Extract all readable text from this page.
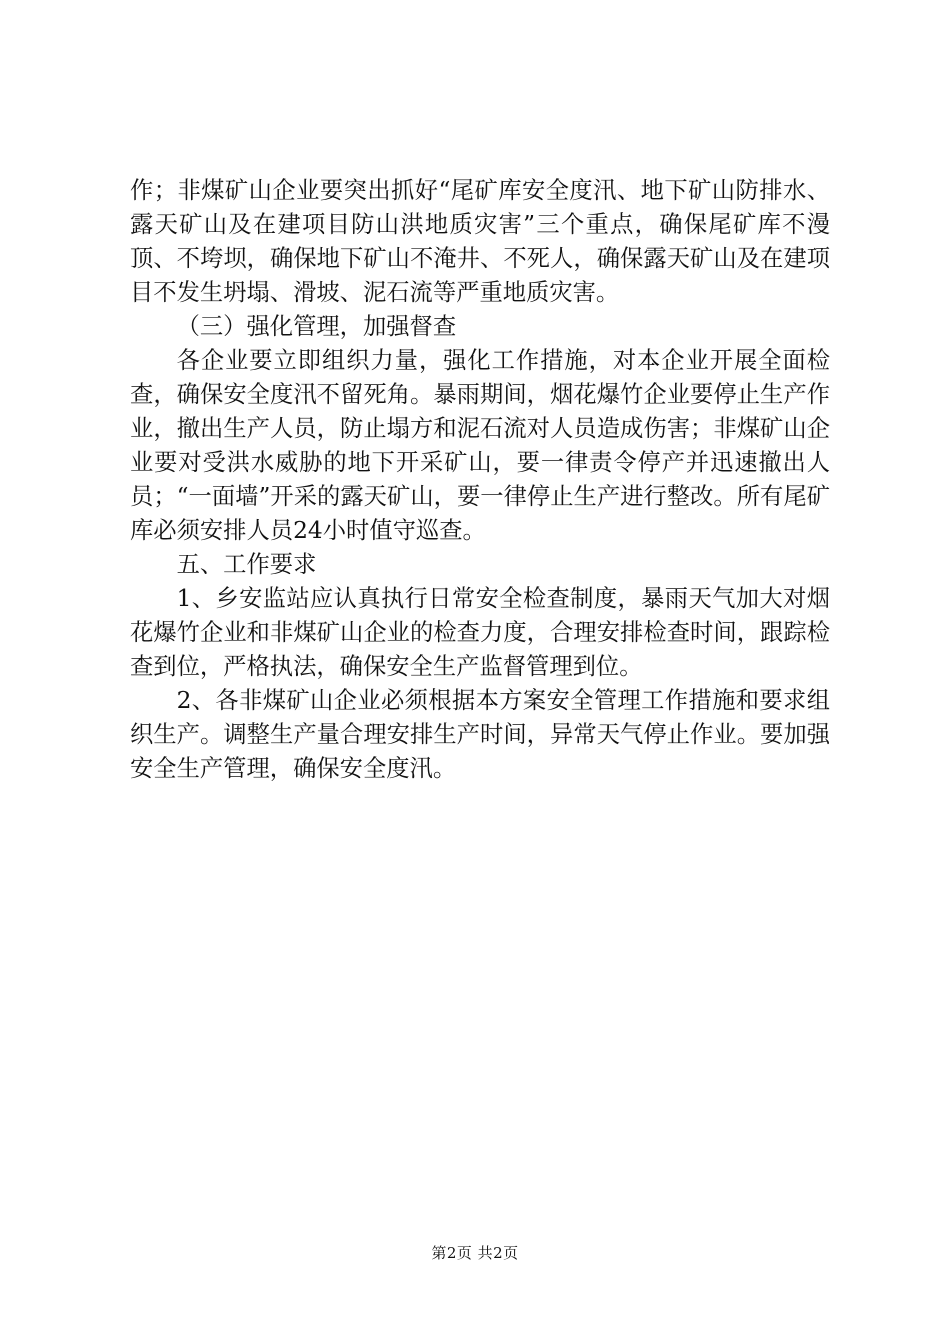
作；非煤矿山企业要突出抓好“尾矿库安全度汛、地下矿山防排水、露天矿山及在建项目防山洪地质灾害”三个重点，确保尾矿库不漫顶、不垮坝，确保地下矿山不淹井、不死人，确保露天矿山及在建项目不发生坍塌、滑坡、泥石流等严重地质灾害。

（三）强化管理，加强督查

各企业要立即组织力量，强化工作措施，对本企业开展全面检查，确保安全度汛不留死角。暴雨期间，烟花爆竹企业要停止生产作业，撤出生产人员，防止塌方和泥石流对人员造成伤害；非煤矿山企业要对受洪水威胁的地下开采矿山，要一律责令停产并迅速撤出人员；“一面墙”开采的露天矿山，要一律停止生产进行整改。所有尾矿库必须安排人员24小时值守巡查。

五、工作要求

1、乡安监站应认真执行日常安全检查制度，暴雨天气加大对烟花爆竹企业和非煤矿山企业的检查力度，合理安排检查时间，跟踪检查到位，严格执法，确保安全生产监督管理到位。

2、各非煤矿山企业必须根据本方案安全管理工作措施和要求组织生产。调整生产量合理安排生产时间，异常天气停止作业。要加强安全生产管理，确保安全度汛。

第2页 共2页
